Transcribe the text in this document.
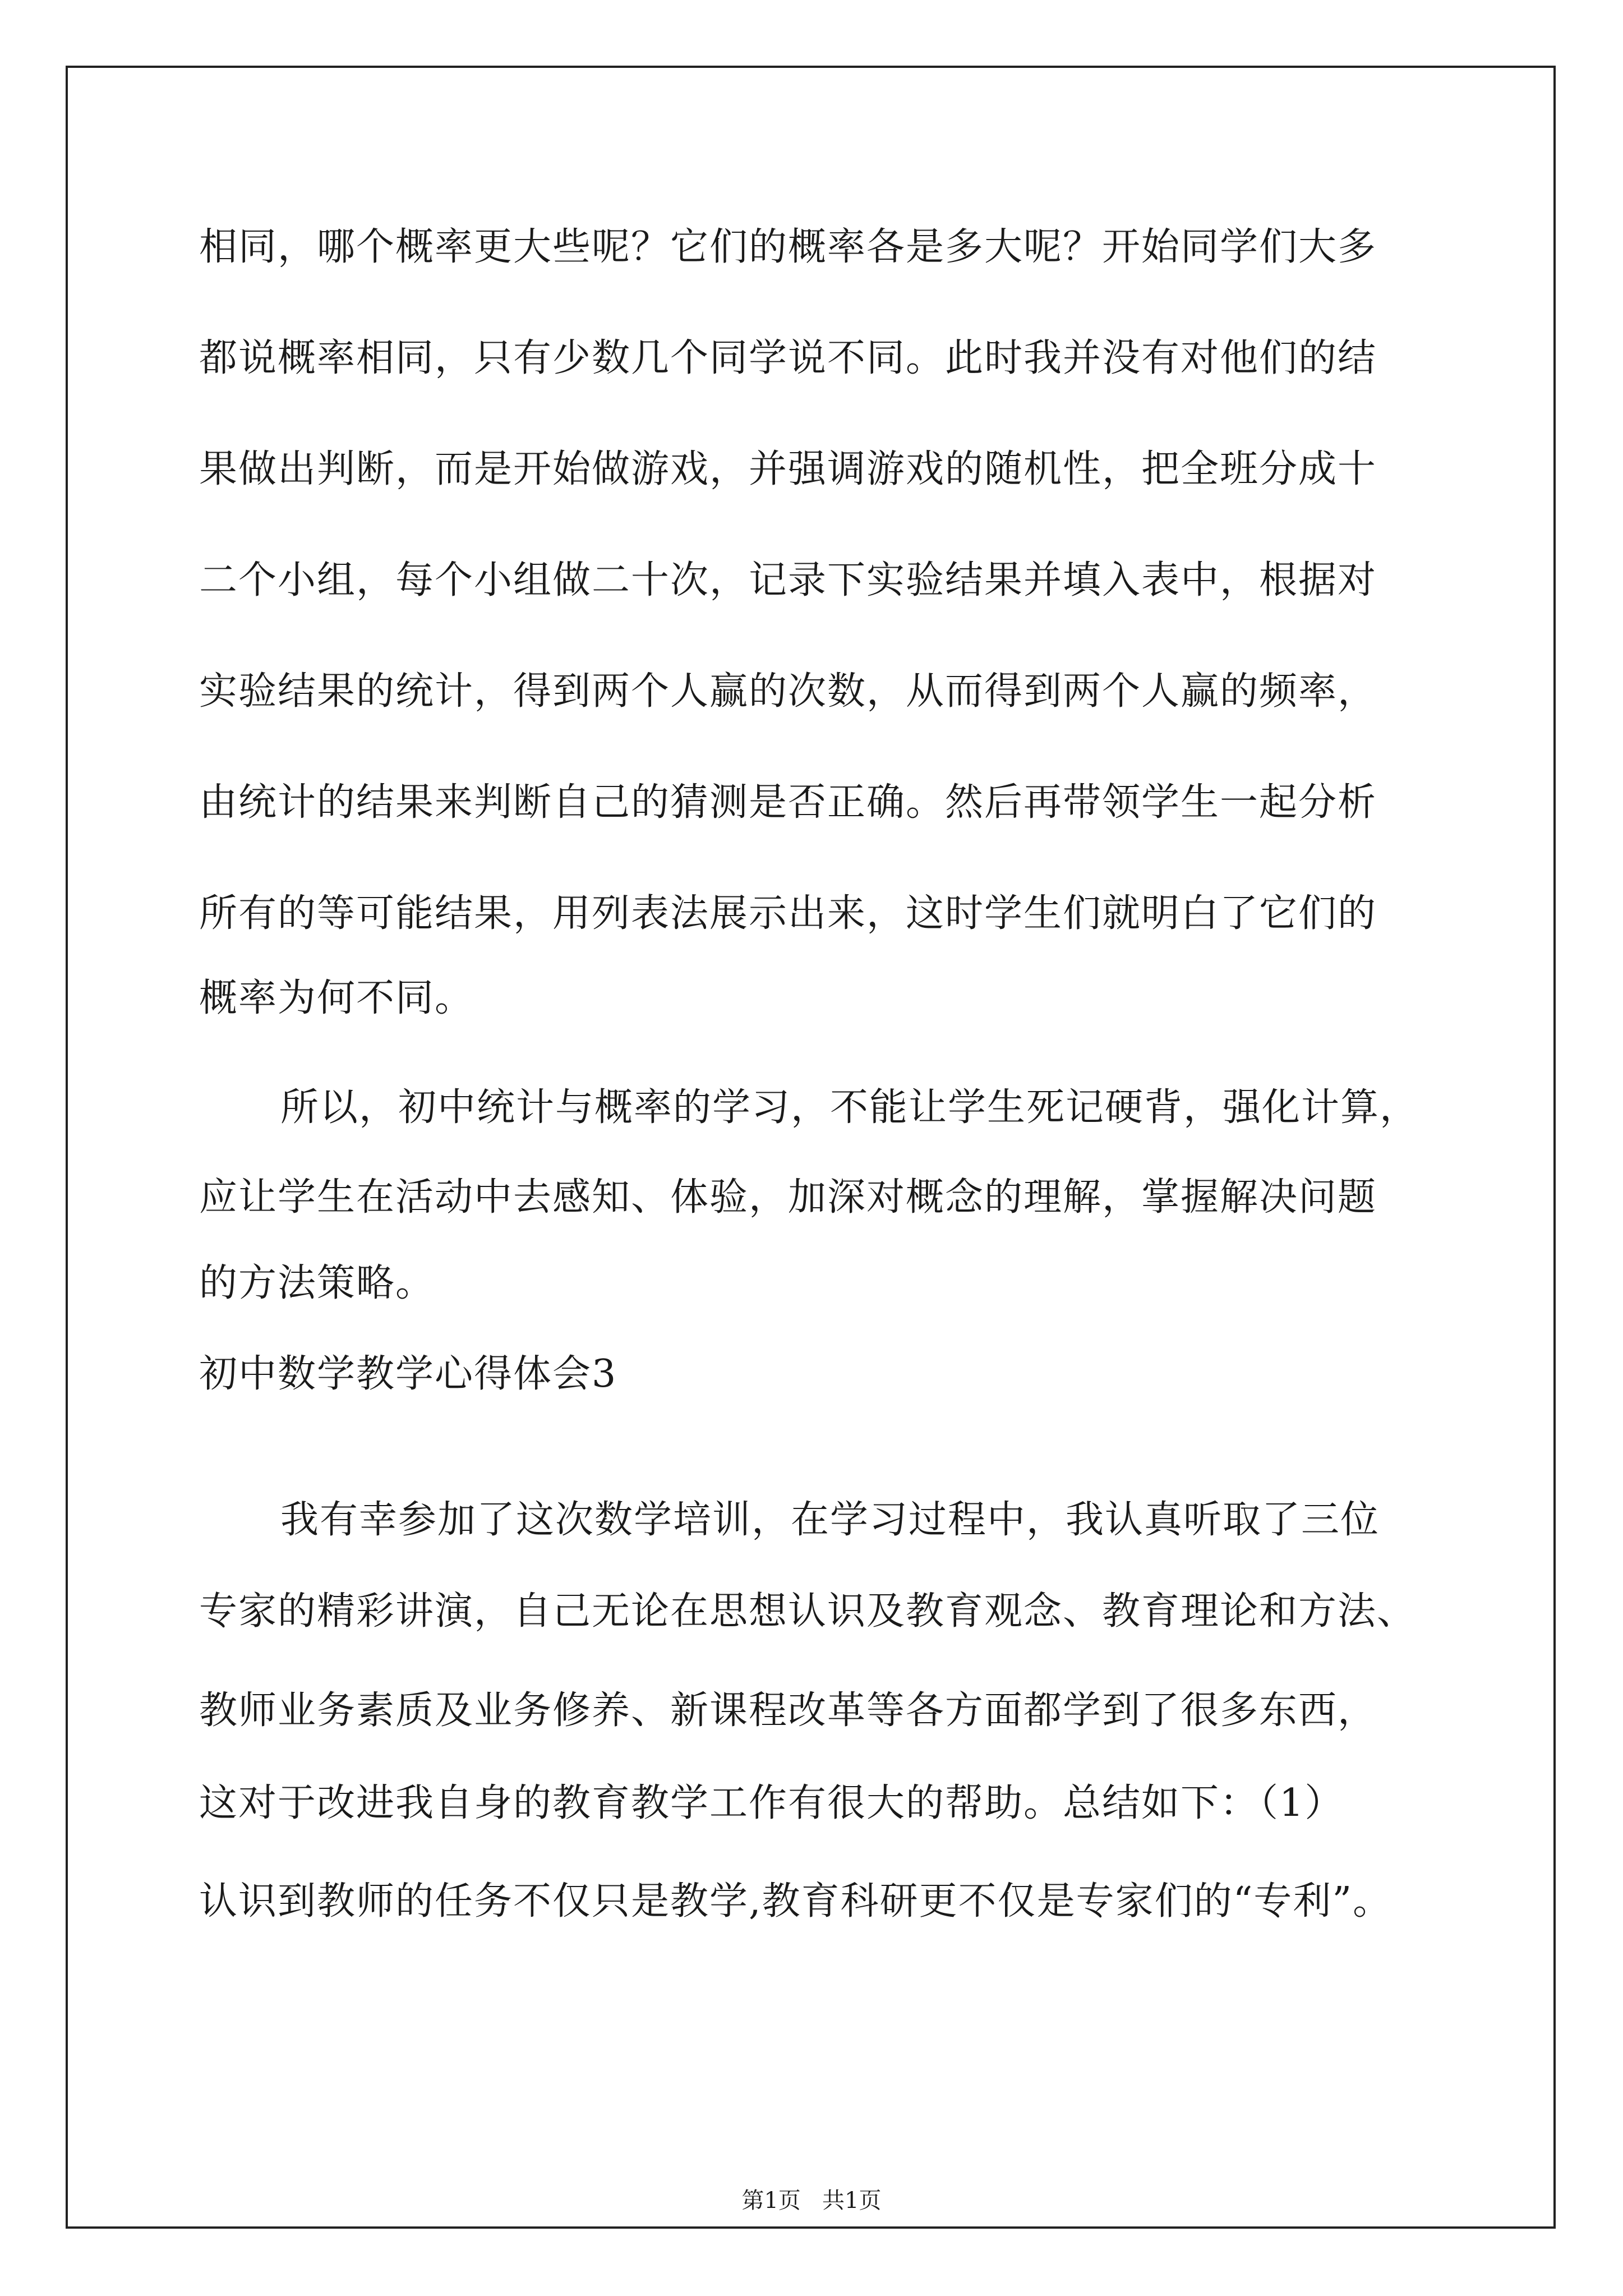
相同，哪个概率更大些呢？它们的概率各是多大呢？开始同学们大多
都说概率相同，只有少数几个同学说不同。此时我并没有对他们的结
果做出判断，而是开始做游戏，并强调游戏的随机性，把全班分成十
二个小组，每个小组做二十次，记录下实验结果并填入表中，根据对
实验结果的统计，得到两个人赢的次数，从而得到两个人赢的频率，
由统计的结果来判断自己的猜测是否正确。然后再带领学生一起分析
所有的等可能结果，用列表法展示出来，这时学生们就明白了它们的
概率为何不同。
所以，初中统计与概率的学习，不能让学生死记硬背，强化计算，
应让学生在活动中去感知、体验，加深对概念的理解，掌握解决问题
的方法策略。
初中数学教学心得体会3
我有幸参加了这次数学培训，在学习过程中，我认真听取了三位
专家的精彩讲演，自己无论在思想认识及教育观念、教育理论和方法、
教师业务素质及业务修养、新课程改革等各方面都学到了很多东西，
这对于改进我自身的教育教学工作有很大的帮助。总结如下：（1）
认识到教师的任务不仅只是教学,教育科研更不仅是专家们的“专利”。
第1页   共1页
